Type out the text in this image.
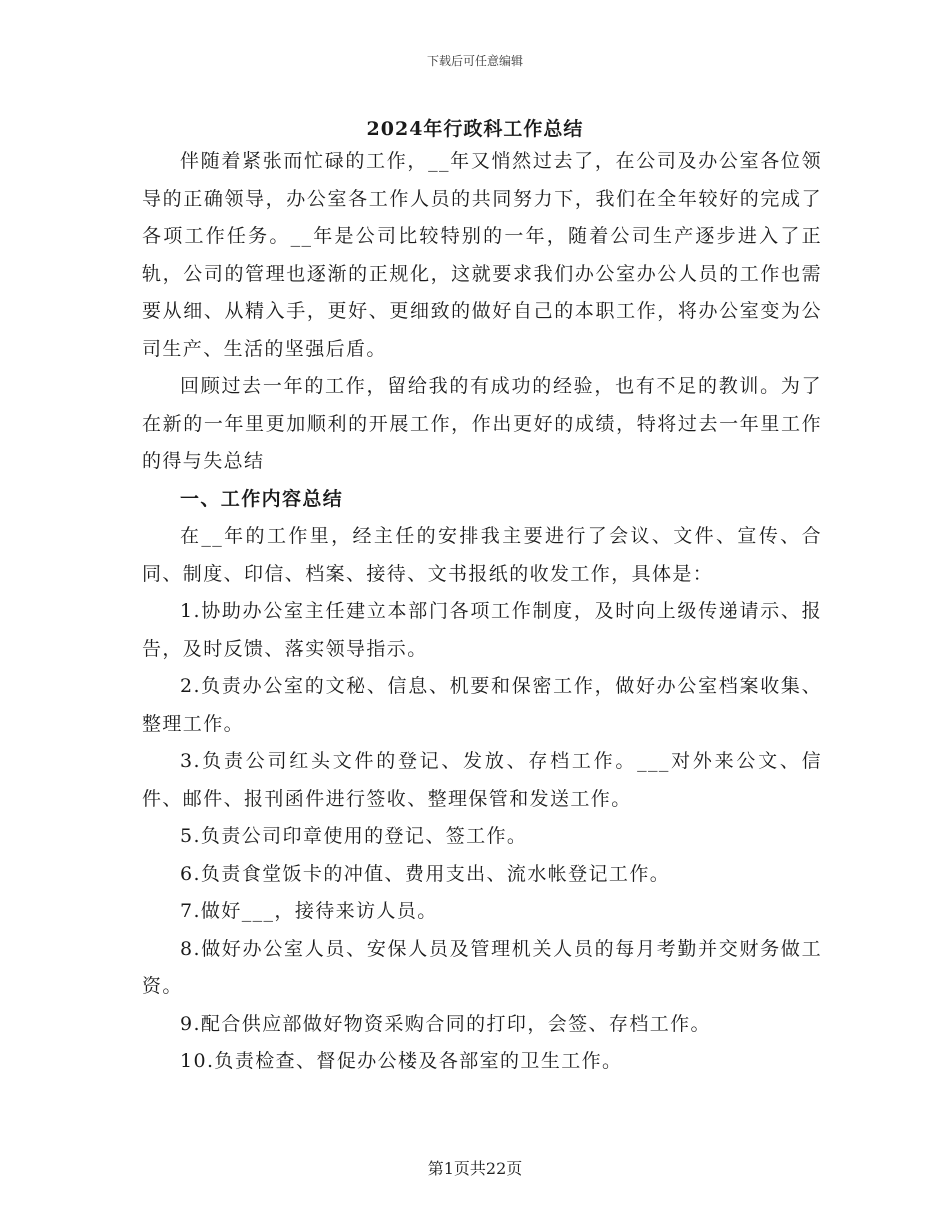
下载后可任意编辑
2024年行政科工作总结

伴随着紧张而忙碌的工作，__年又悄然过去了，在公司及办公室各位领导的正确领导，办公室各工作人员的共同努力下，我们在全年较好的完成了各项工作任务。__年是公司比较特别的一年，随着公司生产逐步进入了正轨，公司的管理也逐渐的正规化，这就要求我们办公室办公人员的工作也需要从细、从精入手，更好、更细致的做好自己的本职工作，将办公室变为公司生产、生活的坚强后盾。

回顾过去一年的工作，留给我的有成功的经验，也有不足的教训。为了在新的一年里更加顺利的开展工作，作出更好的成绩，特将过去一年里工作的得与失总结

一、工作内容总结

在__年的工作里，经主任的安排我主要进行了会议、文件、宣传、合同、制度、印信、档案、接待、文书报纸的收发工作，具体是：

1.协助办公室主任建立本部门各项工作制度，及时向上级传递请示、报告，及时反馈、落实领导指示。

2.负责办公室的文秘、信息、机要和保密工作，做好办公室档案收集、整理工作。

3.负责公司红头文件的登记、发放、存档工作。___对外来公文、信件、邮件、报刊函件进行签收、整理保管和发送工作。

5.负责公司印章使用的登记、签工作。

6.负责食堂饭卡的冲值、费用支出、流水帐登记工作。

7.做好___，接待来访人员。

8.做好办公室人员、安保人员及管理机关人员的每月考勤并交财务做工资。

9.配合供应部做好物资采购合同的打印，会签、存档工作。

10.负责检查、督促办公楼及各部室的卫生工作。

第1页共22页
